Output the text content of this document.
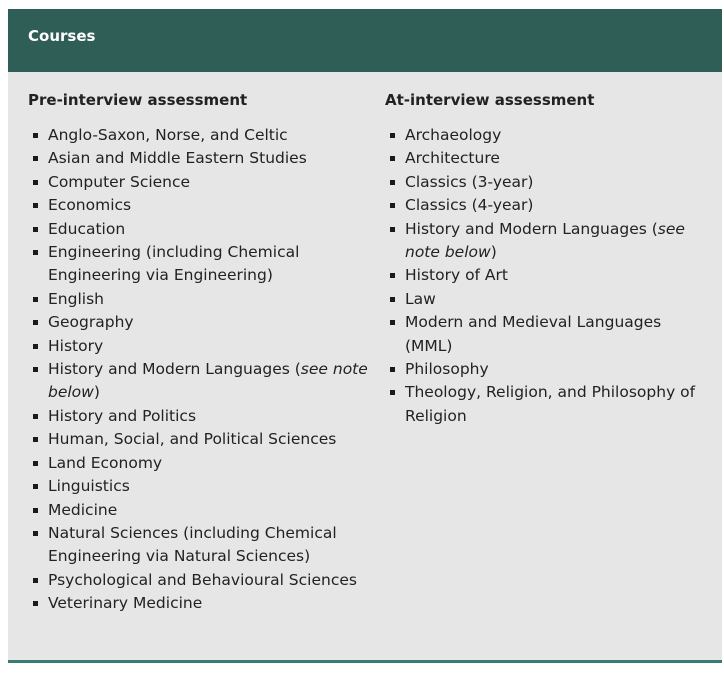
Courses
Pre-interview assessment
Anglo-Saxon, Norse, and Celtic
Asian and Middle Eastern Studies
Computer Science
Economics
Education
Engineering (including Chemical Engineering via Engineering)
English
Geography
History
History and Modern Languages (see note below)
History and Politics
Human, Social, and Political Sciences
Land Economy
Linguistics
Medicine
Natural Sciences (including Chemical Engineering via Natural Sciences)
Psychological and Behavioural Sciences
Veterinary Medicine
At-interview assessment
Archaeology
Architecture
Classics (3-year)
Classics (4-year)
History and Modern Languages (see note below)
History of Art
Law
Modern and Medieval Languages (MML)
Philosophy
Theology, Religion, and Philosophy of Religion
